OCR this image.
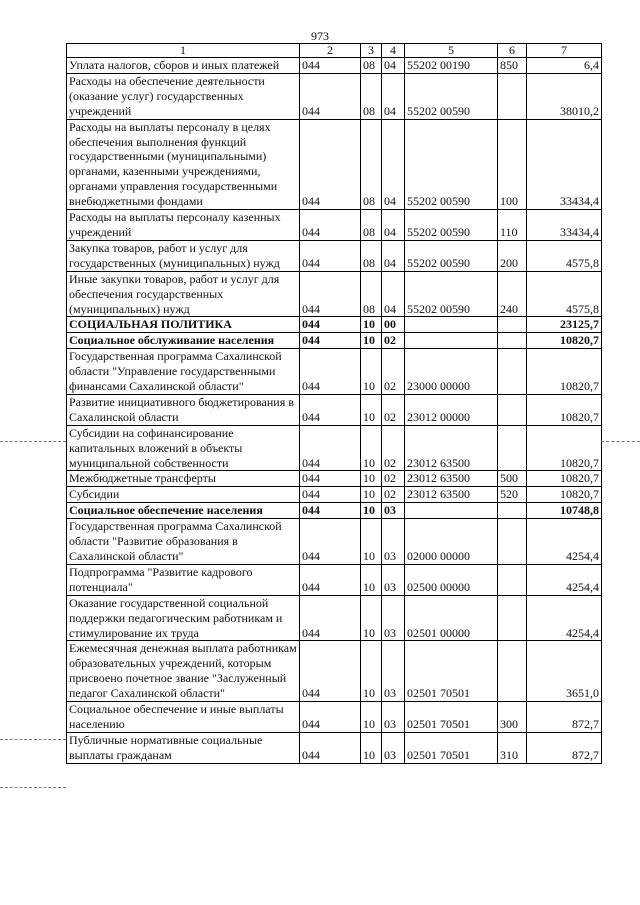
973
1	2	3	4	5	6	7
Уплата налогов, сборов и иных платежей	044	08	04	55202 00190	850	6,4
Расходы на обеспечение деятельности (оказание услуг) государственных учреждений	044	08	04	55202 00590		38010,2
Расходы на выплаты персоналу в целях обеспечения выполнения функций государственными (муниципальными) органами, казенными учреждениями, органами управления государственными внебюджетными фондами	044	08	04	55202 00590	100	33434,4
Расходы на выплаты персоналу казенных учреждений	044	08	04	55202 00590	110	33434,4
Закупка товаров, работ и услуг для государственных (муниципальных) нужд	044	08	04	55202 00590	200	4575,8
Иные закупки товаров, работ и услуг для обеспечения государственных (муниципальных) нужд	044	08	04	55202 00590	240	4575,8
СОЦИАЛЬНАЯ ПОЛИТИКА	044	10	00			23125,7
Социальное обслуживание населения	044	10	02			10820,7
Государственная программа Сахалинской области "Управление государственными финансами Сахалинской области"	044	10	02	23000 00000		10820,7
Развитие инициативного бюджетирования в Сахалинской области	044	10	02	23012 00000		10820,7
Субсидии на софинансирование капитальных вложений в объекты муниципальной собственности	044	10	02	23012 63500		10820,7
Межбюджетные трансферты	044	10	02	23012 63500	500	10820,7
Субсидии	044	10	02	23012 63500	520	10820,7
Социальное обеспечение населения	044	10	03			10748,8
Государственная программа Сахалинской области "Развитие образования в Сахалинской области"	044	10	03	02000 00000		4254,4
Подпрограмма "Развитие кадрового потенциала"	044	10	03	02500 00000		4254,4
Оказание государственной социальной поддержки педагогическим работникам и стимулирование их труда	044	10	03	02501 00000		4254,4
Ежемесячная денежная выплата работникам образовательных учреждений, которым присвоено почетное звание "Заслуженный педагог Сахалинской области"	044	10	03	02501 70501		3651,0
Социальное обеспечение и иные выплаты населению	044	10	03	02501 70501	300	872,7
Публичные нормативные социальные выплаты гражданам	044	10	03	02501 70501	310	872,7
